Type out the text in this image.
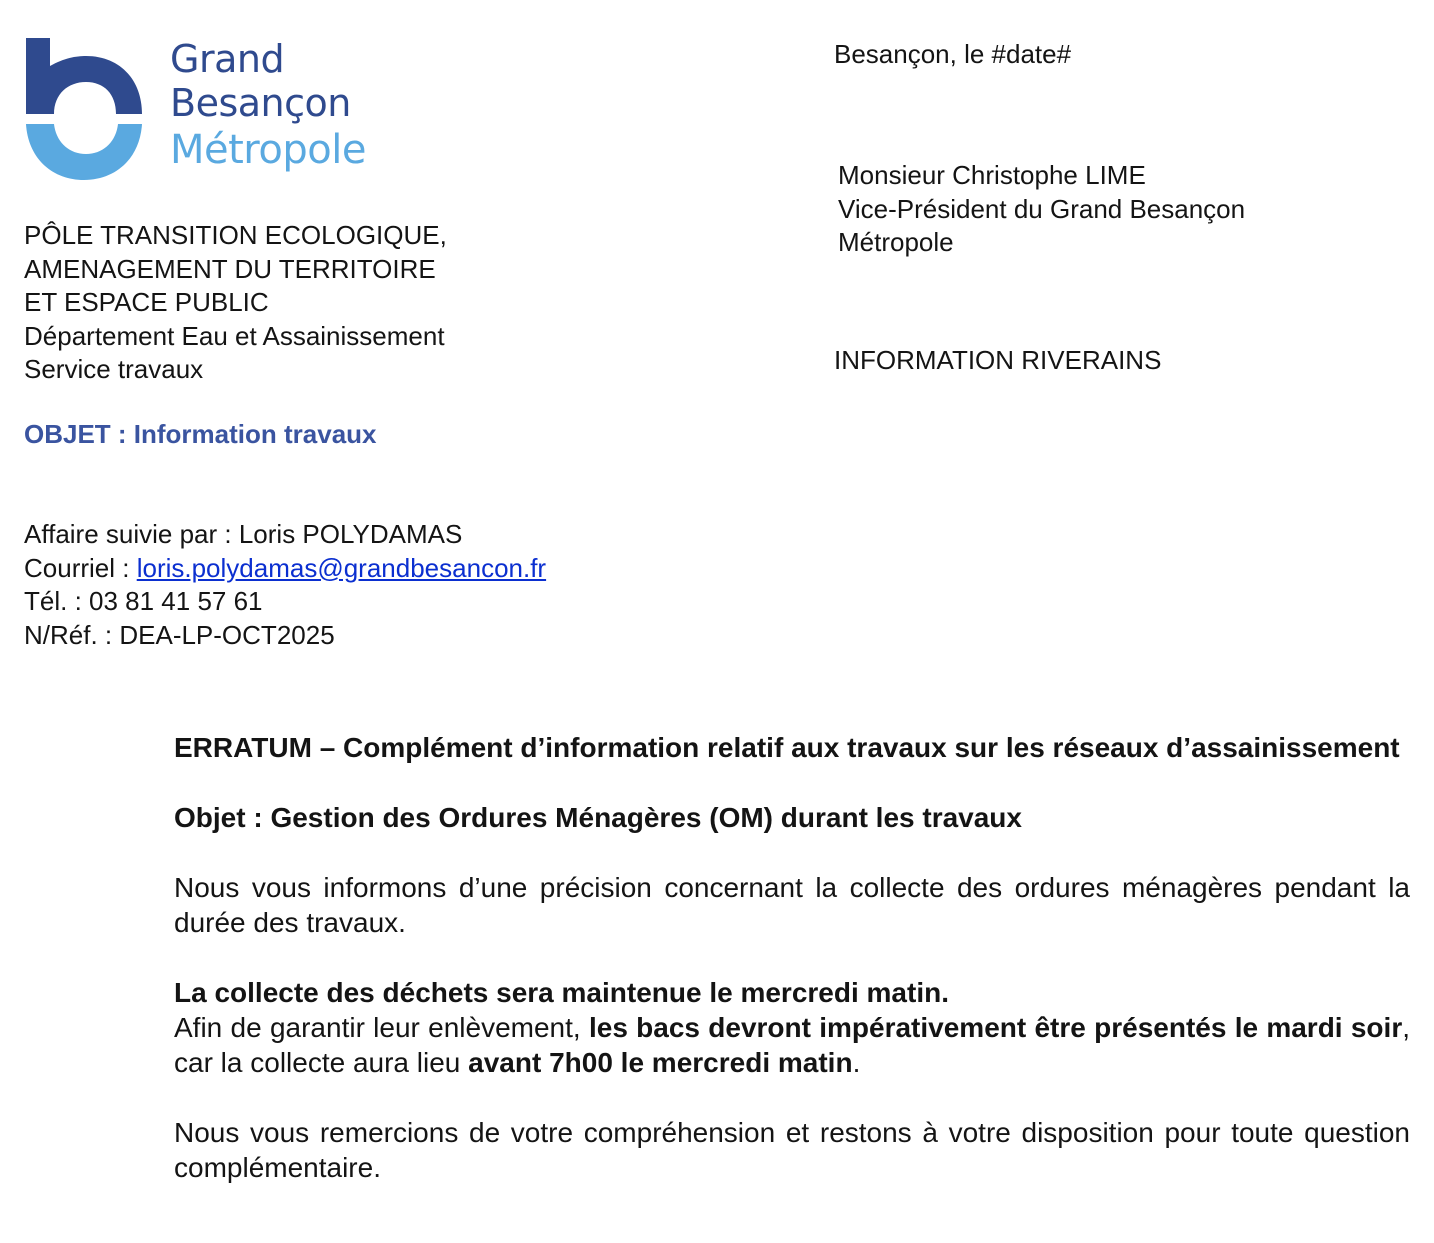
Grand
Besançon
Métropole
PÔLE TRANSITION ECOLOGIQUE,
AMENAGEMENT DU TERRITOIRE
ET ESPACE PUBLIC
Département Eau et Assainissement
Service travaux
OBJET : Information travaux
Affaire suivie par : Loris POLYDAMAS
Courriel : loris.polydamas@grandbesancon.fr
Tél. : 03 81 41 57 61
N/Réf. : DEA-LP-OCT2025
Besançon, le #date#
Monsieur Christophe LIME
Vice-Président du Grand Besançon
Métropole
INFORMATION RIVERAINS

ERRATUM – Complément d’information relatif aux travaux sur les réseaux d’assainissement

Objet : Gestion des Ordures Ménagères (OM) durant les travaux

Nous vous informons d’une précision concernant la collecte des ordures ménagères pendant la durée des travaux.

La collecte des déchets sera maintenue le mercredi matin.

Afin de garantir leur enlèvement, les bacs devront impérativement être présentés le mardi soir, car la collecte aura lieu avant 7h00 le mercredi matin.

Nous vous remercions de votre compréhension et restons à votre disposition pour toute question complémentaire.
